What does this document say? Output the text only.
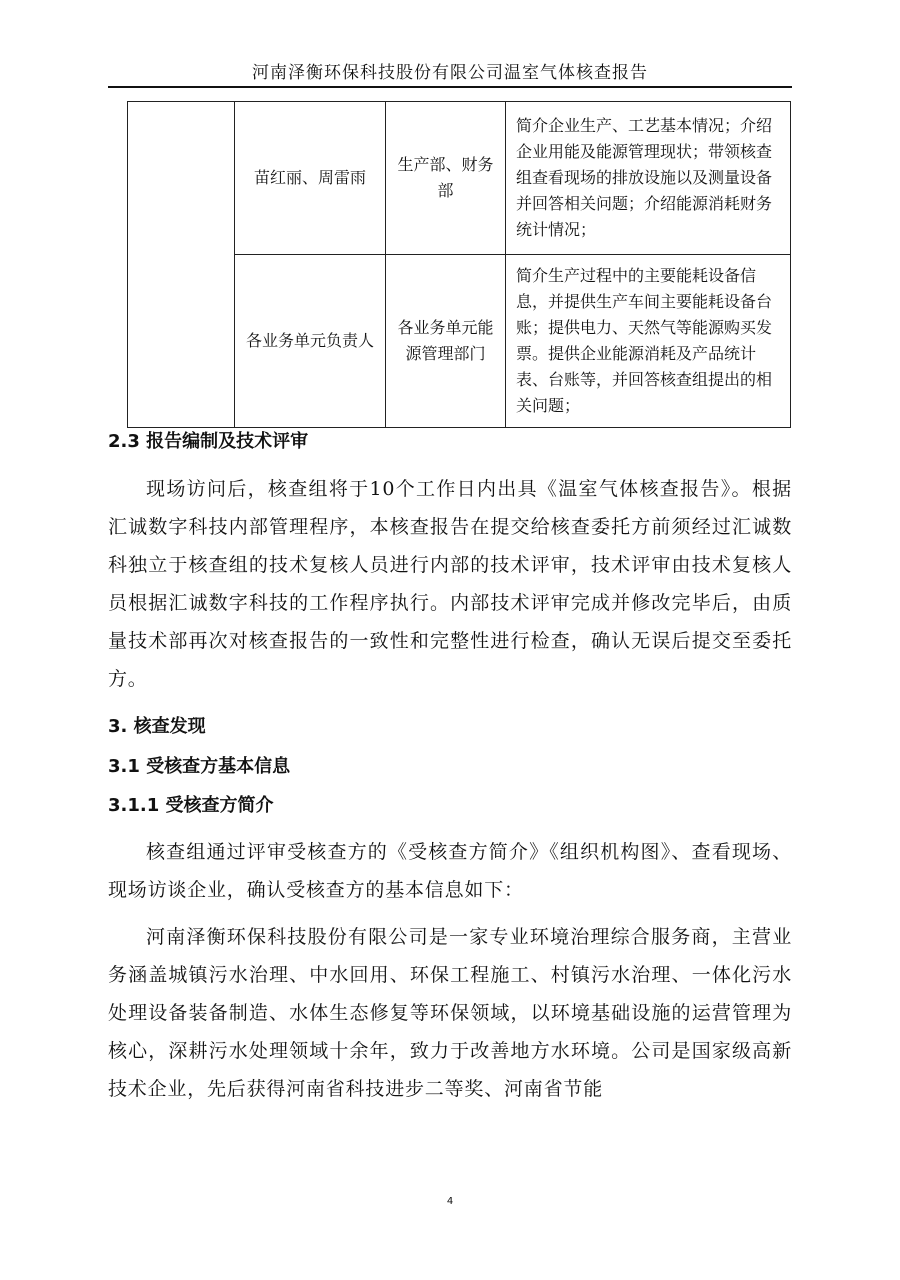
河南泽衡环保科技股份有限公司温室气体核查报告
	苗红丽、周雷雨	生产部、财务部	简介企业生产、工艺基本情况；介绍企业用能及能源管理现状；带领核查组查看现场的排放设施以及测量设备并回答相关问题；介绍能源消耗财务统计情况；
	各业务单元负责人	各业务单元能源管理部门	简介生产过程中的主要能耗设备信息，并提供生产车间主要能耗设备台账；提供电力、天然气等能源购买发票。提供企业能源消耗及产品统计表、台账等，并回答核查组提出的相关问题；

2.3 报告编制及技术评审

现场访问后，核查组将于10个工作日内出具《温室气体核查报告》。根据汇诚数字科技内部管理程序，本核查报告在提交给核查委托方前须经过汇诚数科独立于核查组的技术复核人员进行内部的技术评审，技术评审由技术复核人员根据汇诚数字科技的工作程序执行。内部技术评审完成并修改完毕后，由质量技术部再次对核查报告的一致性和完整性进行检查，确认无误后提交至委托方。

3. 核查发现

3.1 受核查方基本信息

3.1.1 受核查方简介

核查组通过评审受核查方的《受核查方简介》《组织机构图》、查看现场、现场访谈企业，确认受核查方的基本信息如下：

河南泽衡环保科技股份有限公司是一家专业环境治理综合服务商，主营业务涵盖城镇污水治理、中水回用、环保工程施工、村镇污水治理、一体化污水处理设备装备制造、水体生态修复等环保领域，以环境基础设施的运营管理为核心，深耕污水处理领域十余年，致力于改善地方水环境。公司是国家级高新技术企业，先后获得河南省科技进步二等奖、河南省节能

4
